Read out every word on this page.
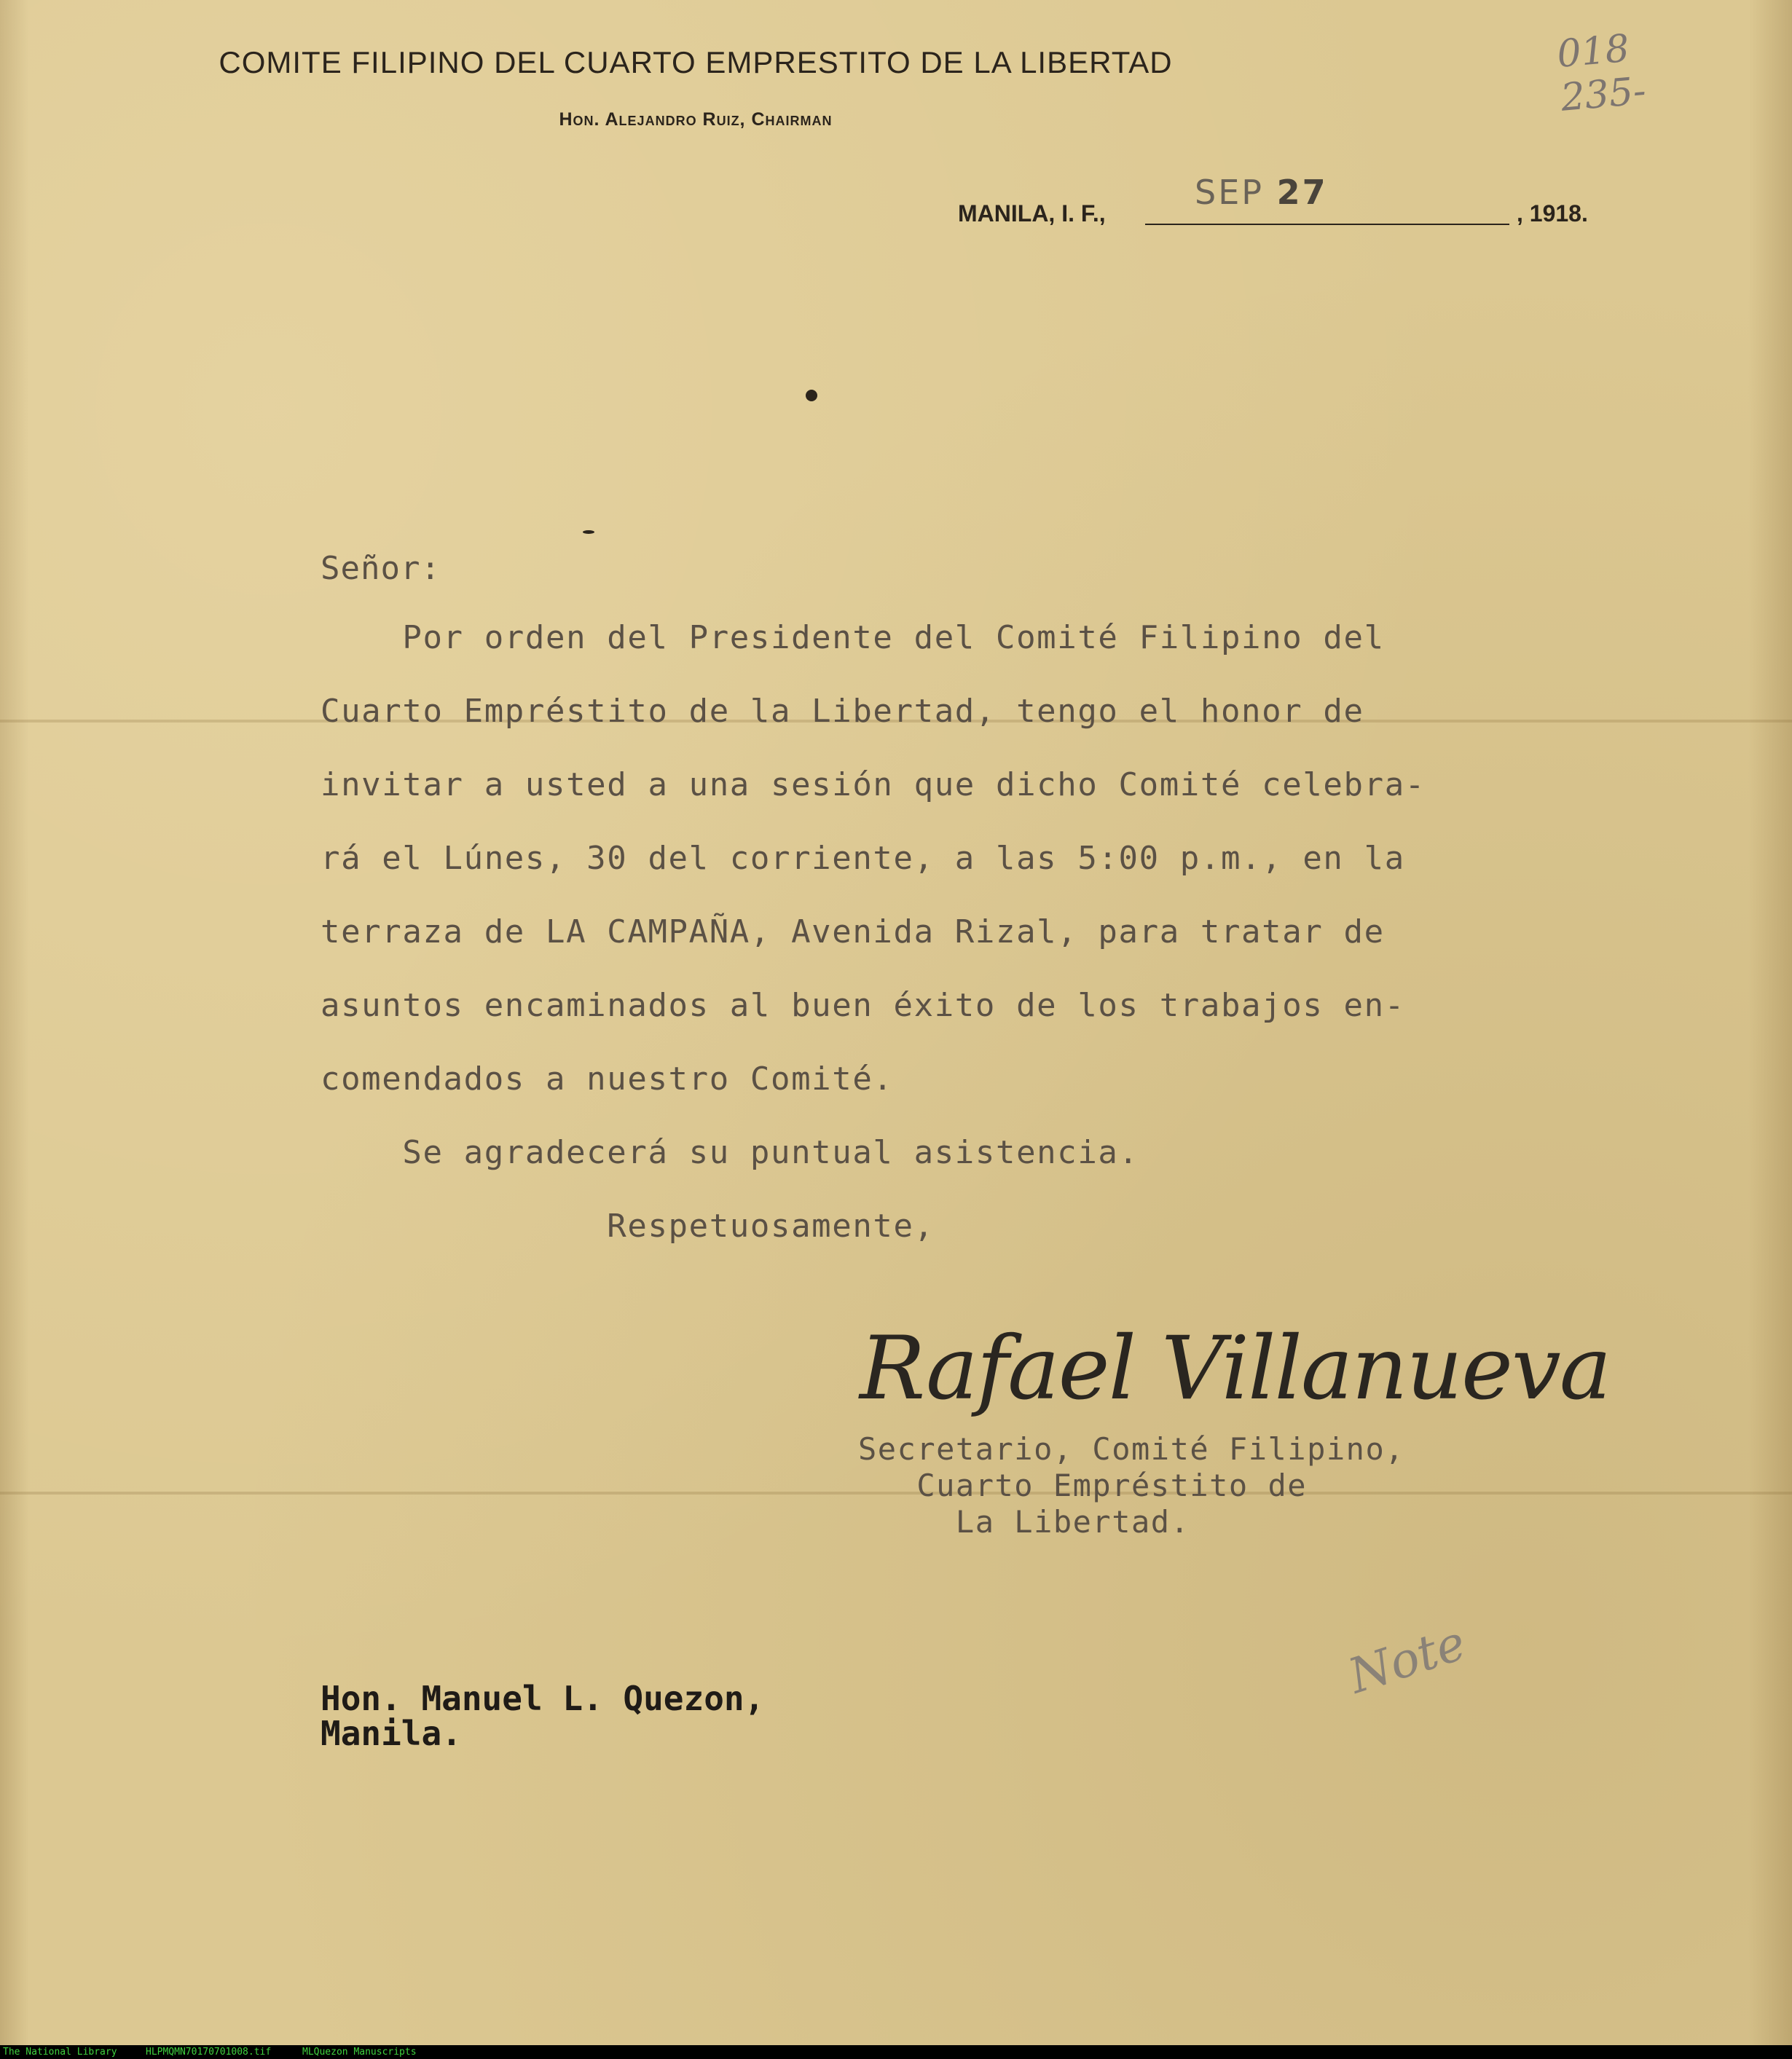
018
235-
COMITE FILIPINO DEL CUARTO EMPRESTITO DE LA LIBERTAD
Hon. Alejandro Ruiz, Chairman
MANILA, I. F.,
SEP 27
, 1918.
Señor:
Por orden del Presidente del Comité Filipino del
Cuarto Empréstito de la Libertad, tengo el honor de
invitar a usted a una sesión que dicho Comité celebra-
rá el Lúnes, 30 del corriente, a las 5:00 p.m., en la
terraza de LA CAMPAÑA, Avenida Rizal, para tratar de
asuntos encaminados al buen éxito de los trabajos en-
comendados a nuestro Comité.
Se agradecerá su puntual asistencia.
Respetuosamente,
Rafael Villanueva
Secretario, Comité Filipino,
Cuarto Empréstito de
La Libertad.
Note
Hon. Manuel L. Quezon,
Manila.
The National Library	HLPMQMN70170701008.tif	MLQuezon Manuscripts
